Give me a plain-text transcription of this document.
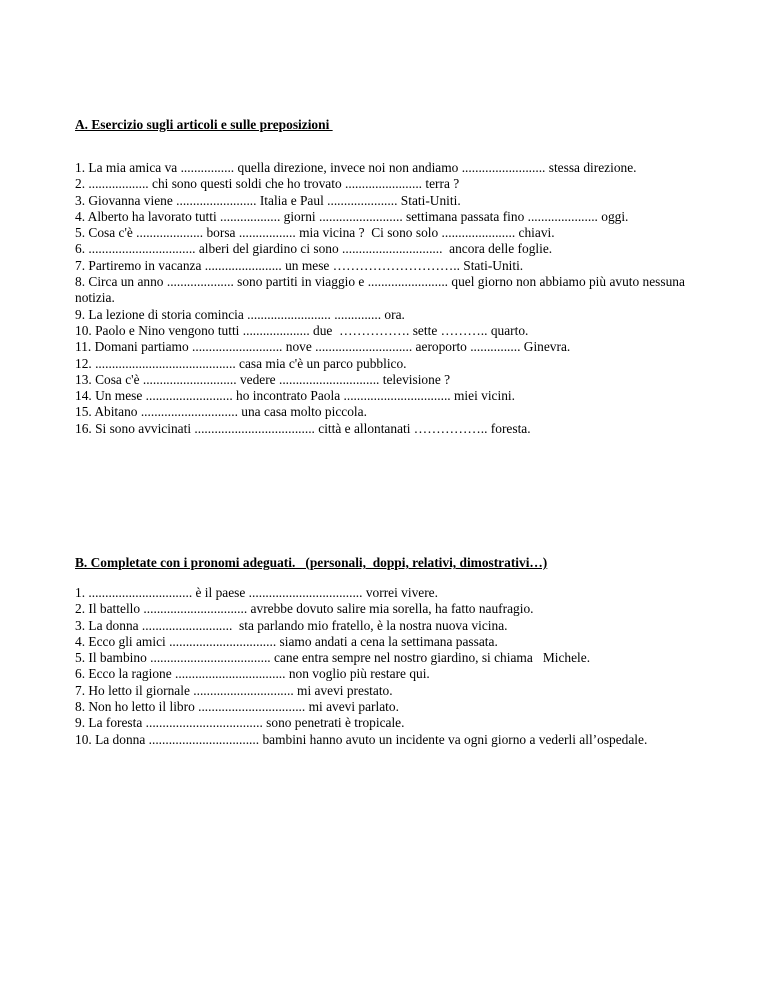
A. Esercizio sugli articoli e sulle preposizioni

1. La mia amica va ................ quella direzione, invece noi non andiamo ......................... stessa direzione.
2. .................. chi sono questi soldi che ho trovato ....................... terra ?
3. Giovanna viene ........................ Italia e Paul ..................... Stati-Uniti.
4. Alberto ha lavorato tutti .................. giorni ......................... settimana passata fino ..................... oggi.
5. Cosa c'è .................... borsa ................. mia vicina ?  Ci sono solo ...................... chiavi.
6. ................................ alberi del giardino ci sono ..............................  ancora delle foglie.
7. Partiremo in vacanza ....................... un mese ……………………….. Stati-Uniti.
8. Circa un anno .................... sono partiti in viaggio e ........................ quel giorno non abbiamo più avuto nessuna notizia.
9. La lezione di storia comincia ......................... .............. ora.
10. Paolo e Nino vengono tutti .................... due  ……………. sette ……….. quarto.
11. Domani partiamo ........................... nove ............................. aeroporto ............... Ginevra.
12. .......................................... casa mia c'è un parco pubblico.
13. Cosa c'è ............................ vedere .............................. televisione ?
14. Un mese .......................... ho incontrato Paola ................................ miei vicini.
15. Abitano ............................. una casa molto piccola.
16. Si sono avvicinati .................................... città e allontanati …………….. foresta.

B. Completate con i pronomi adeguati.   (personali,  doppi, relativi, dimostrativi…)

1. ............................... è il paese .................................. vorrei vivere.
2. Il battello ............................... avrebbe dovuto salire mia sorella, ha fatto naufragio.
3. La donna ...........................  sta parlando mio fratello, è la nostra nuova vicina.
4. Ecco gli amici ................................ siamo andati a cena la settimana passata.
5. Il bambino .................................... cane entra sempre nel nostro giardino, si chiama   Michele.
6. Ecco la ragione ................................. non voglio più restare qui.
7. Ho letto il giornale .............................. mi avevi prestato.
8. Non ho letto il libro ................................ mi avevi parlato.
9. La foresta ................................... sono penetrati è tropicale.
10. La donna ................................. bambini hanno avuto un incidente va ogni giorno a vederli all’ospedale.
